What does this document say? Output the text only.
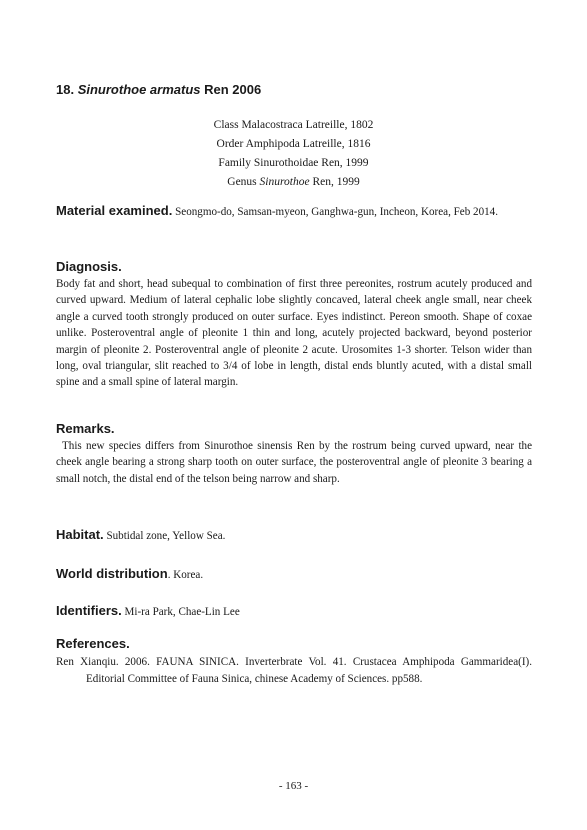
18. Sinurothoe armatus Ren 2006
Class Malacostraca Latreille, 1802
Order Amphipoda Latreille, 1816
Family Sinurothoidae Ren, 1999
Genus Sinurothoe Ren, 1999
Material examined. Seongmo-do, Samsan-myeon, Ganghwa-gun, Incheon, Korea, Feb 2014.
Diagnosis.
Body fat and short, head subequal to combination of first three pereonites, rostrum acutely produced and curved upward. Medium of lateral cephalic lobe slightly concaved, lateral cheek angle small, near cheek angle a curved tooth strongly produced on outer surface. Eyes indistinct. Pereon smooth. Shape of coxae unlike. Posteroventral angle of pleonite 1 thin and long, acutely projected backward, beyond posterior margin of pleonite 2. Posteroventral angle of pleonite 2 acute. Urosomites 1-3 shorter. Telson wider than long, oval triangular, slit reached to 3/4 of lobe in length, distal ends bluntly acuted, with a distal small spine and a small spine of lateral margin.
Remarks.
This new species differs from Sinurothoe sinensis Ren by the rostrum being curved upward, near the cheek angle bearing a strong sharp tooth on outer surface, the posteroventral angle of pleonite 3 bearing a small notch, the distal end of the telson being narrow and sharp.
Habitat. Subtidal zone, Yellow Sea.
World distribution. Korea.
Identifiers. Mi-ra Park, Chae-Lin Lee
References.
Ren Xianqiu. 2006. FAUNA SINICA. Inverterbrate Vol. 41. Crustacea Amphipoda Gammaridea(I). Editorial Committee of Fauna Sinica, chinese Academy of Sciences. pp588.
- 163 -
